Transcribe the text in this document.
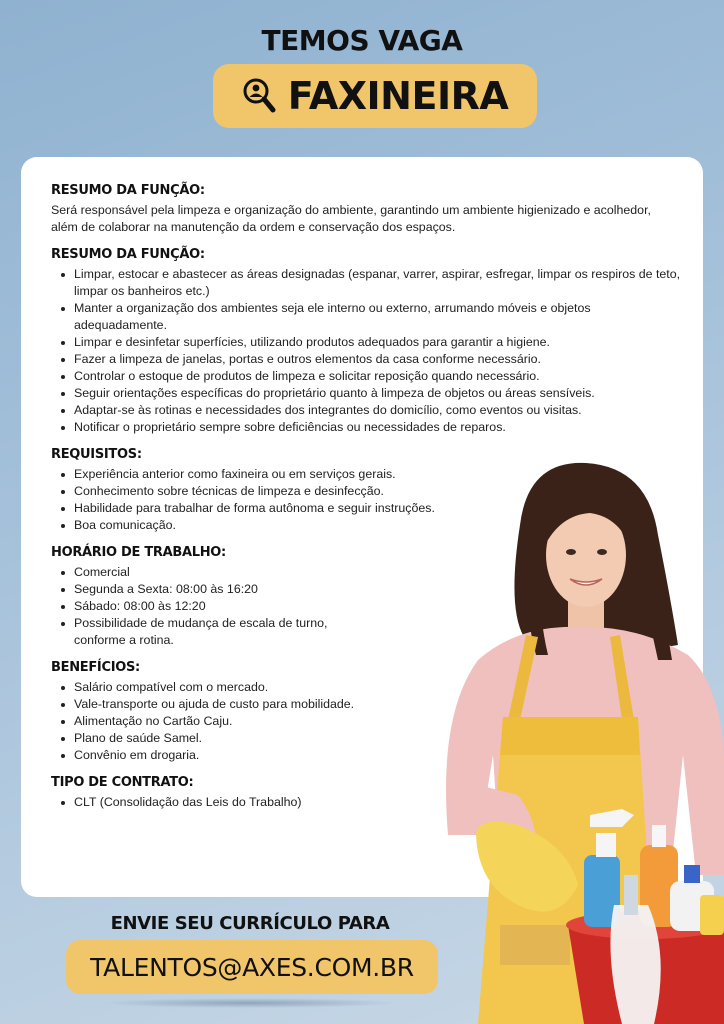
TEMOS VAGA
FAXINEIRA
RESUMO DA FUNÇÃO:
Será responsável pela limpeza e organização do ambiente, garantindo um ambiente higienizado e acolhedor, além de colaborar na manutenção da ordem e conservação dos espaços.
RESUMO DA FUNÇÃO:
Limpar, estocar e abastecer as áreas designadas (espanar, varrer, aspirar, esfregar, limpar os respiros de teto, limpar os banheiros etc.)
Manter a organização dos ambientes seja ele interno ou externo, arrumando móveis e objetos adequadamente.
Limpar e desinfetar superfícies, utilizando produtos adequados para garantir a higiene.
Fazer a limpeza de janelas, portas e outros elementos da casa conforme necessário.
Controlar o estoque de produtos de limpeza e solicitar reposição quando necessário.
Seguir orientações específicas do proprietário quanto à limpeza de objetos ou áreas sensíveis.
Adaptar-se às rotinas e necessidades dos integrantes do domicílio, como eventos ou visitas.
Notificar o proprietário sempre sobre deficiências ou necessidades de reparos.
REQUISITOS:
Experiência anterior como faxineira ou em serviços gerais.
Conhecimento sobre técnicas de limpeza e desinfecção.
Habilidade para trabalhar de forma autônoma e seguir instruções.
Boa comunicação.
HORÁRIO DE TRABALHO:
Comercial
Segunda a Sexta: 08:00 às 16:20
Sábado: 08:00 às 12:20
Possibilidade de mudança de escala de turno, conforme a rotina.
BENEFÍCIOS:
Salário compatível com o mercado.
Vale-transporte ou ajuda de custo para mobilidade.
Alimentação no Cartão Caju.
Plano de saúde Samel.
Convênio em drogaria.
TIPO DE CONTRATO:
CLT (Consolidação das Leis do Trabalho)
ENVIE SEU CURRÍCULO PARA
TALENTOS@AXES.COM.BR
